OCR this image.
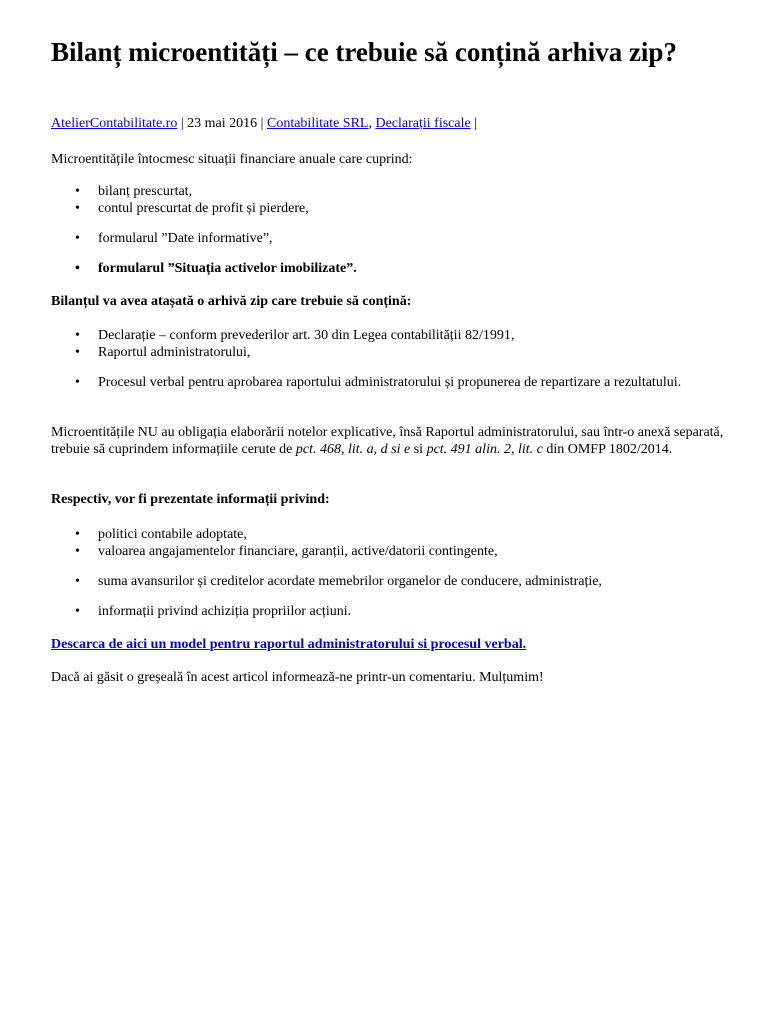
Bilanț microentități – ce trebuie să conțină arhiva zip?
AtelierContabilitate.ro | 23 mai 2016 | Contabilitate SRL, Declarații fiscale |

Microentitățile întocmesc situații financiare anuale care cuprind:

• bilanț prescurtat,
• contul prescurtat de profit și pierdere,
• formularul ”Date informative”,
• formularul ”Situația activelor imobilizate”.

Bilanțul va avea atașată o arhivă zip care trebuie să conțină:

• Declarație – conform prevederilor art. 30 din Legea contabilității 82/1991,
• Raportul administratorului,
• Procesul verbal pentru aprobarea raportului administratorului și propunerea de repartizare a rezultatului.

Microentitățile NU au obligația elaborării notelor explicative, însă Raportul administratorului, sau într-o anexă separată, trebuie să cuprindem informațiile cerute de pct. 468, lit. a, d si e si pct. 491 alin. 2, lit. c din OMFP 1802/2014.

Respectiv, vor fi prezentate informații privind:

• politici contabile adoptate,
• valoarea angajamentelor financiare, garanții, active/datorii contingente,
• suma avansurilor și creditelor acordate memebrilor organelor de conducere, administrație,
• informații privind achiziția propriilor acțiuni.

Descarca de aici un model pentru raportul administratorului si procesul verbal.

Dacă ai găsit o greșeală în acest articol informează-ne printr-un comentariu. Mulțumim!
